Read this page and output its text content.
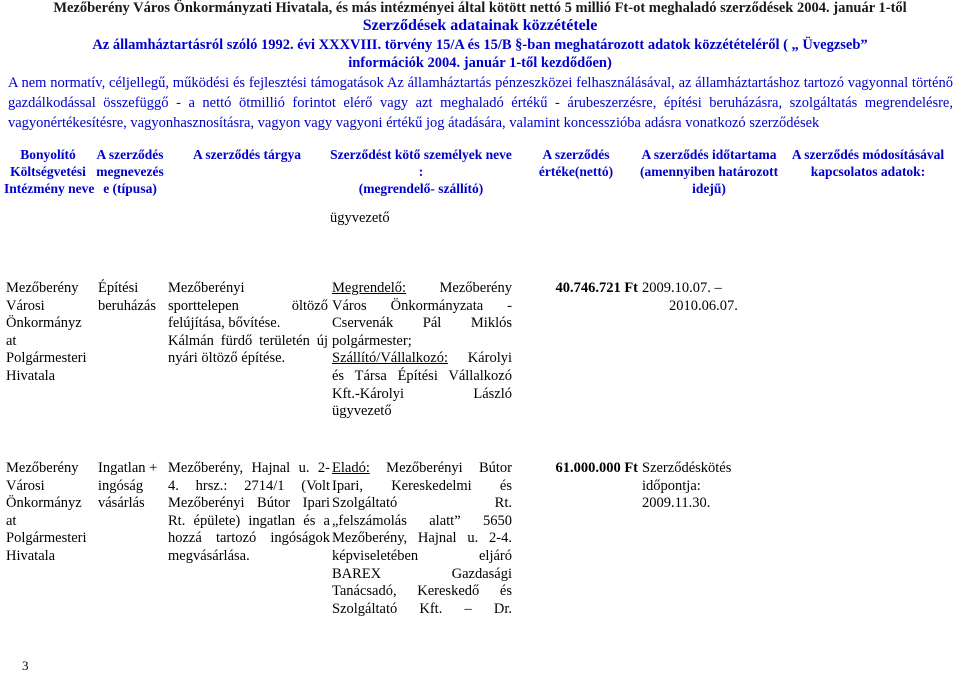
Mezőberény Város Önkormányzati Hivatala, és más intézményei által kötött nettó 5 millió Ft-ot meghaladó szerződések 2004. január 1-től
Szerződések adatainak közzététele
Az államháztartásról szóló 1992. évi XXXVIII. törvény 15/A és 15/B §-ban meghatározott adatok közzétételéről ( „ Üvegzseb”
információk 2004. január 1-től kezdődően)
A nem normatív, céljellegű, működési és fejlesztési támogatások Az államháztartás pénzeszközei felhasználásával, az államháztartáshoz tartozó vagyonnal történő gazdálkodással összefüggő - a nettó ötmillió forintot elérő vagy azt meghaladó értékű - árubeszerzésre, építési beruházásra, szolgáltatás megrendelésre, vagyonértékesítésre, vagyonhasznosításra, vagyon vagy vagyoni értékű jog átadására, valamint koncesszióba adásra vonatkozó szerződések
Bonyolító
Költségvetési
Intézmény neve
A szerződés
megnevezés
e (típusa)
A szerződés tárgya	Szerződést kötő személyek neve
:
(megrendelő- szállító)
A szerződés
értéke(nettó)
A szerződés időtartama
(amennyiben határozott
idejű)
A szerződés módosításával
kapcsolatos adatok:
ügyvezető
Mezőberény
Városi
Önkormányz
at
Polgármesteri
Hivatala
Építési
beruházás
Mezőberényi
sporttelepen öltöző
felújítása, bővítése.
Kálmán fürdő területén új
nyári öltöző építése.
Megrendelő: Mezőberény
Város Önkormányzata -
Cservenák Pál Miklós
polgármester;
Szállító/Vállalkozó: Károlyi
és Társa Építési Vállalkozó
Kft.-Károlyi László
ügyvezető
40.746.721 Ft 2009.10.07. –
2010.06.07.
Mezőberény
Városi
Önkormányz
at
Polgármesteri
Hivatala
Ingatlan +
ingóság
vásárlás
Mezőberény, Hajnal u. 2-
4. hrsz.: 2714/1 (Volt
Mezőberényi Bútor Ipari
Rt. épülete) ingatlan és a
hozzá tartozó ingóságok
megvásárlása.
Eladó: Mezőberényi Bútor
Ipari, Kereskedelmi és
Szolgáltató Rt.
„felszámolás alatt” 5650
Mezőberény, Hajnal u. 2-4.
képviseletében eljáró
BAREX Gazdasági
Tanácsadó, Kereskedő és
Szolgáltató Kft. – Dr.
61.000.000 Ft Szerződéskötés
időpontja:
2009.11.30.
3
